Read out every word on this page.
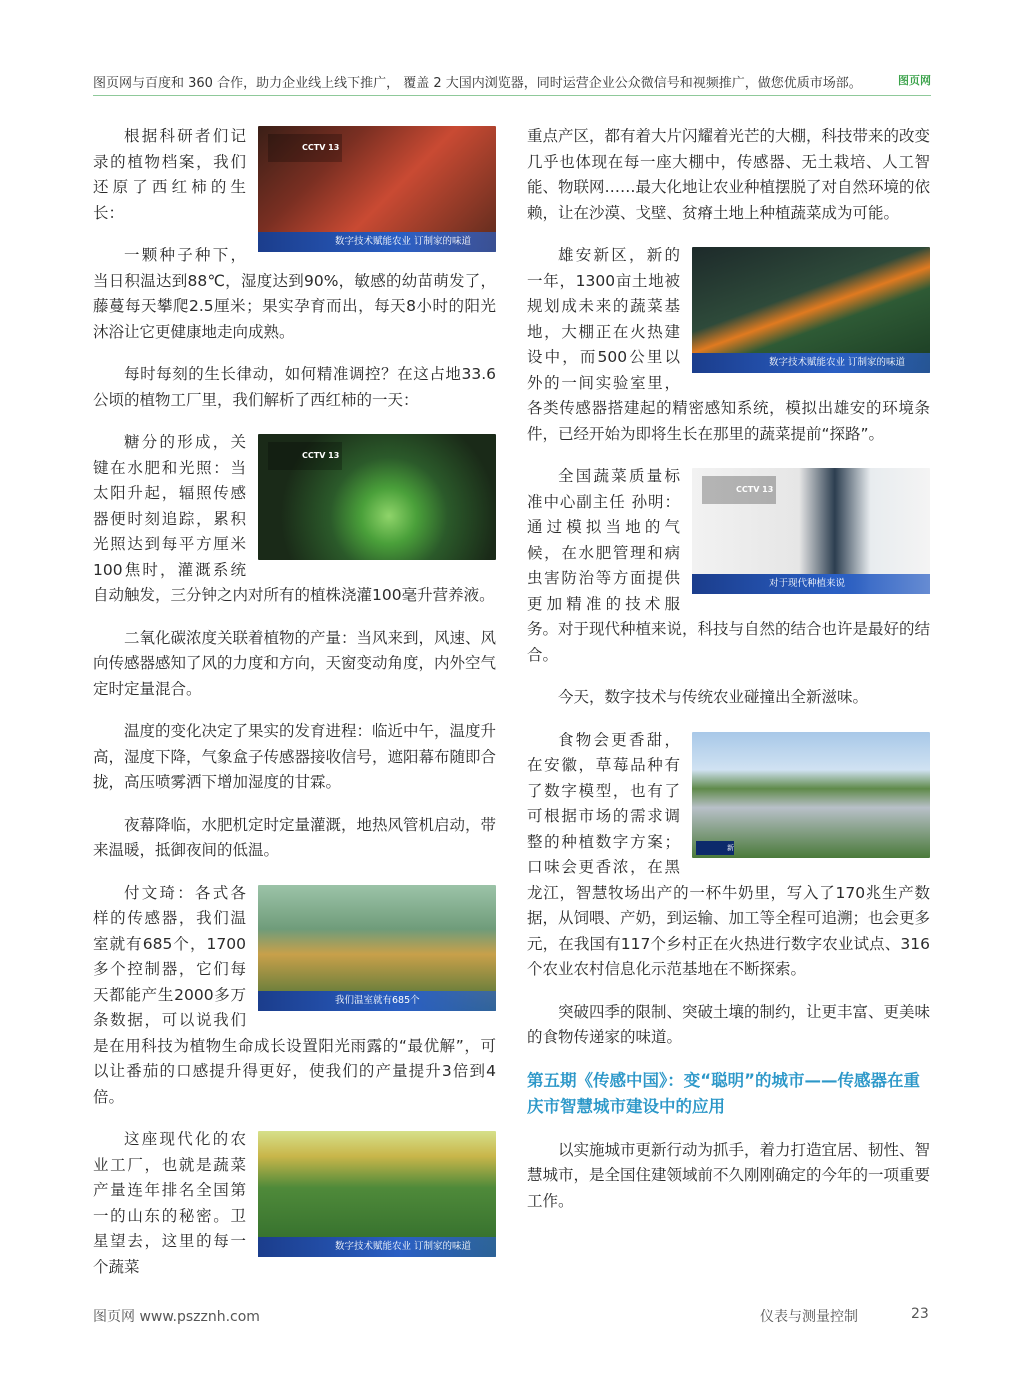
图页网与百度和 360 合作，助力企业线上线下推广， 覆盖 2 大国内浏览器，同时运营企业公众微信号和视频推广，做您优质市场部。	图页网

CCTV 13
闻联播
数字技术赋能农业 订制家的味道
根据科研者们记录的植物档案，我们还原了西红柿的生长：

一颗种子种下，当日积温达到88℃，湿度达到90%，敏感的幼苗萌发了，藤蔓每天攀爬2.5厘米；果实孕育而出，每天8小时的阳光沐浴让它更健康地走向成熟。

每时每刻的生长律动，如何精准调控？在这占地33.6公顷的植物工厂里，我们解析了西红柿的一天：

CCTV 13
糖分的形成，关键在水肥和光照：当太阳升起，辐照传感器便时刻追踪，累积光照达到每平方厘米100焦时，灌溉系统自动触发，三分钟之内对所有的植株浇灌100毫升营养液。

二氧化碳浓度关联着植物的产量：当风来到，风速、风向传感器感知了风的力度和方向，天窗变动角度，内外空气定时定量混合。

温度的变化决定了果实的发育进程：临近中午，温度升高，湿度下降，气象盒子传感器接收信号，遮阳幕布随即合拢，高压喷雾洒下增加湿度的甘霖。

夜幕降临，水肥机定时定量灌溉，地热风管机启动，带来温暖，抵御夜间的低温。

闻联播
我们温室就有685个
付文琦：各式各样的传感器，我们温室就有685个，1700多个控制器，它们每天都能产生2000多万条数据，可以说我们是在用科技为植物生命成长设置阳光雨露的“最优解”，可以让番茄的口感提升得更好，使我们的产量提升3倍到4倍。

闻联播
数字技术赋能农业 订制家的味道
这座现代化的农业工厂，也就是蔬菜产量连年排名全国第一的山东的秘密。卫星望去，这里的每一个蔬菜

重点产区，都有着大片闪耀着光芒的大棚，科技带来的改变几乎也体现在每一座大棚中，传感器、无土栽培、人工智能、物联网……最大化地让农业种植摆脱了对自然环境的依赖，让在沙漠、戈壁、贫瘠土地上种植蔬菜成为可能。

闻联播
数字技术赋能农业 订制家的味道
雄安新区，新的一年，1300亩土地被规划成未来的蔬菜基地，大棚正在火热建设中，而500公里以外的一间实验室里，各类传感器搭建起的精密感知系统，模拟出雄安的环境条件，已经开始为即将生长在那里的蔬菜提前“探路”。

CCTV 13
闻联播
对于现代种植来说
全国蔬菜质量标准中心副主任 孙明：通过模拟当地的气候，在水肥管理和病虫害防治等方面提供更加精准的技术服务。对于现代种植来说，科技与自然的结合也许是最好的结合。

今天，数字技术与传统农业碰撞出全新滋味。

新闻联播
食物会更香甜，在安徽，草莓品种有了数字模型，也有了可根据市场的需求调整的种植数字方案；口味会更香浓，在黑龙江，智慧牧场出产的一杯牛奶里，写入了170兆生产数据，从饲喂、产奶，到运输、加工等全程可追溯；也会更多元，在我国有117个乡村正在火热进行数字农业试点、316个农业农村信息化示范基地在不断探索。

突破四季的限制、突破土壤的制约，让更丰富、更美味的食物传递家的味道。

第五期《传感中国》：变“聪明”的城市——传感器在重庆市智慧城市建设中的应用

以实施城市更新行动为抓手，着力打造宜居、韧性、智慧城市，是全国住建领域前不久刚刚确定的今年的一项重要工作。

图页网 www.pszznh.com	仪表与测量控制	23
